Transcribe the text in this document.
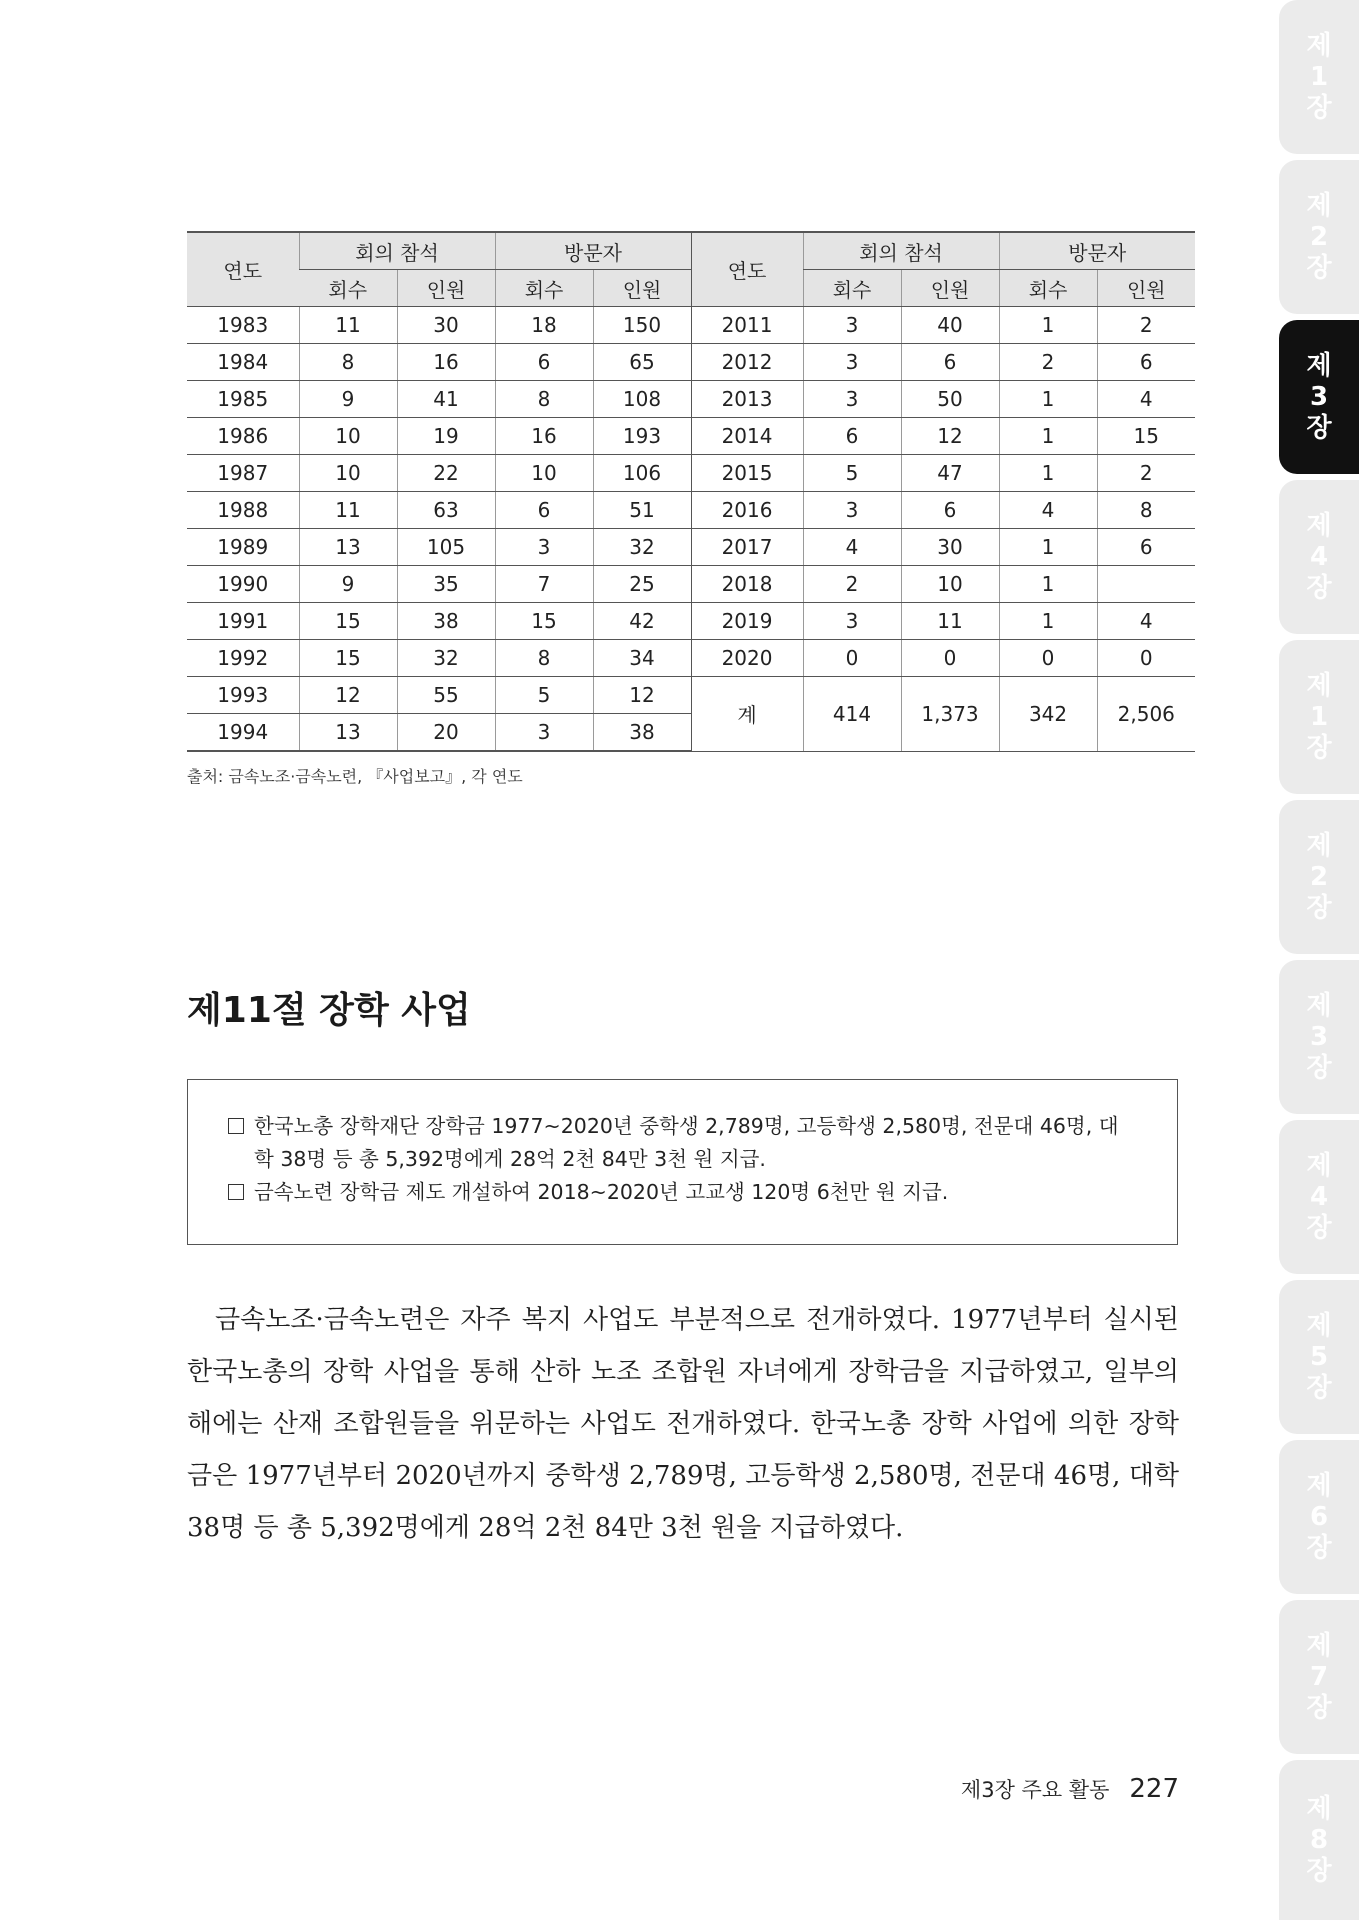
연도	회의 참석		방문자		연도	회의 참석		방문자	
	회수	인원	회수	인원		회수	인원	회수	인원
1983	11	30	18	150	2011	3	40	1	2
1984	8	16	6	65	2012	3	6	2	6
1985	9	41	8	108	2013	3	50	1	4
1986	10	19	16	193	2014	6	12	1	15
1987	10	22	10	106	2015	5	47	1	2
1988	11	63	6	51	2016	3	6	4	8
1989	13	105	3	32	2017	4	30	1	6
1990	9	35	7	25	2018	2	10	1	
1991	15	38	15	42	2019	3	11	1	4
1992	15	32	8	34	2020	0	0	0	0
1993	12	55	5	12	계	414	1,373	342	2,506
1994	13	20	3	38					
출처: 금속노조·금속노련, 『사업보고』, 각 연도
제11절 장학 사업
한국노총 장학재단 장학금 1977~2020년 중학생 2,789명, 고등학생 2,580명, 전문대 46명, 대학 38명 등 총 5,392명에게 28억 2천 84만 3천 원 지급.
금속노련 장학금 제도 개설하여 2018~2020년 고교생 120명 6천만 원 지급.

금속노조·금속노련은 자주 복지 사업도 부분적으로 전개하였다. 1977년부터 실시된 한국노총의 장학 사업을 통해 산하 노조 조합원 자녀에게 장학금을 지급하였고, 일부의 해에는 산재 조합원들을 위문하는 사업도 전개하였다. 한국노총 장학 사업에 의한 장학금은 1977년부터 2020년까지 중학생 2,789명, 고등학생 2,580명, 전문대 46명, 대학 38명 등 총 5,392명에게 28억 2천 84만 3천 원을 지급하였다.

제3장 주요 활동 227
제
1
장
제
2
장
제
3
장
제
4
장
제
1
장
제
2
장
제
3
장
제
4
장
제
5
장
제
6
장
제
7
장
제
8
장
